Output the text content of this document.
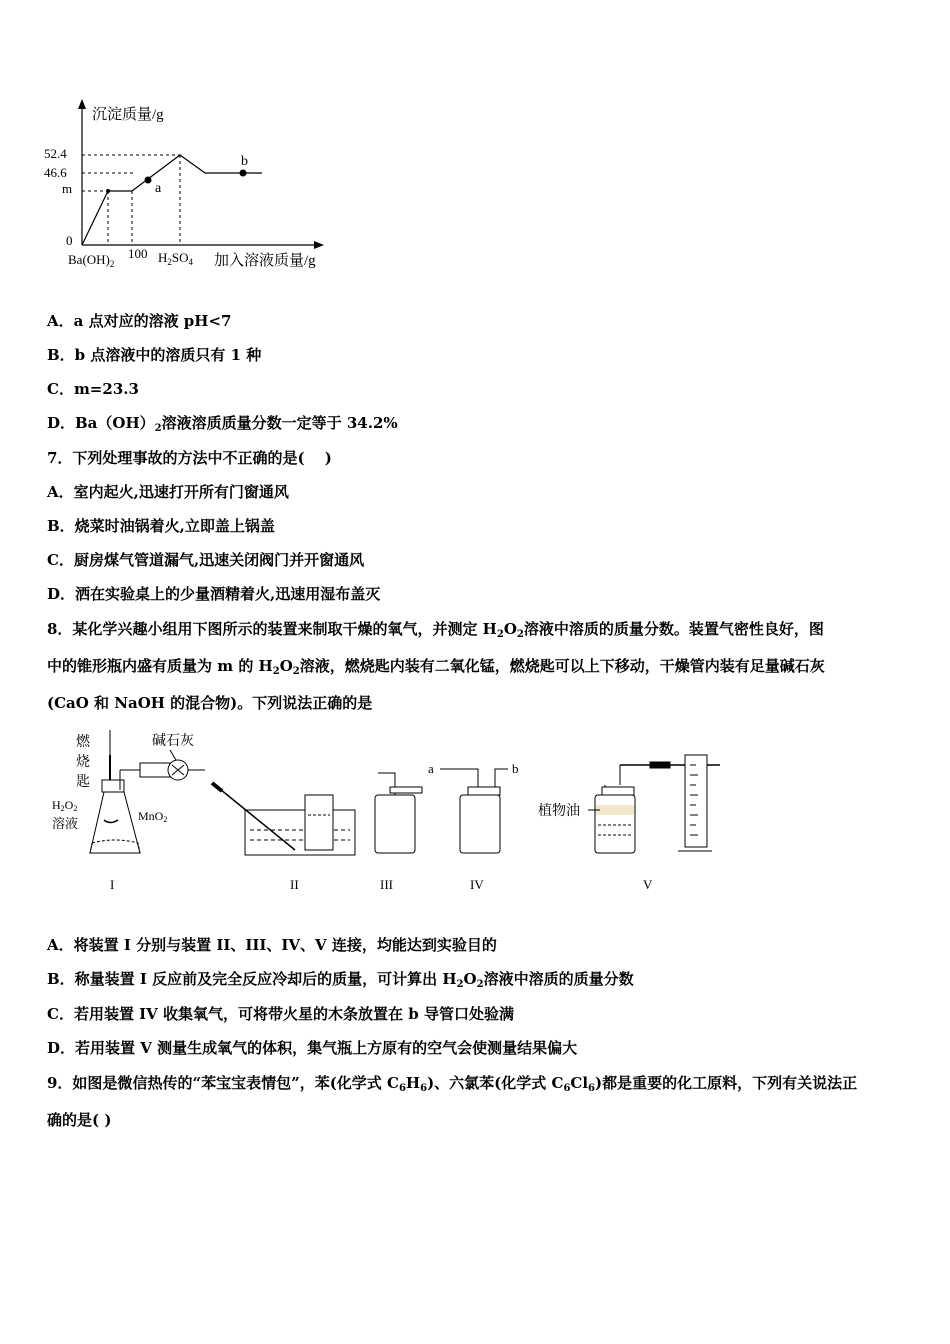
沉淀质量/g
52.4
46.6
m
0
a
b
$Ba(OH)_2$
100 $H_2SO_4$ 加入溶液质量/g
A．a 点对应的溶液 pH<7
B．b 点溶液中的溶质只有 1 种
C．m=23.3
D．$Ba(OH)_2$溶液溶质质量分数一定等于 34.2%
7．下列处理事故的方法中不正确的是(　 )
A．室内起火,迅速打开所有门窗通风
B．烧菜时油锅着火,立即盖上锅盖
C．厨房煤气管道漏气,迅速关闭阀门并开窗通风
D．洒在实验桌上的少量酒精着火,迅速用湿布盖灭
8．某化学兴趣小组用下图所示的装置来制取干燥的氧气，并测定 $H_2O_2$溶液中溶质的质量分数。装置气密性良好，图
中的锥形瓶内盛有质量为 m 的 $H_2O_2$溶液，燃烧匙内装有二氧化锰，燃烧匙可以上下移动，干燥管内装有足量碱石灰
(CaO 和 NaOH 的混合物)。下列说法正确的是
燃
烧
匙
碱石灰
H2O2
溶液	MnO2
a	b
植物油
I	II	III	IV	V
A．将装置 I 分别与装置 II、III、IV、V 连接，均能达到实验目的
B．称量装置 I 反应前及完全反应冷却后的质量，可计算出 $H_2O_2$溶液中溶质的质量分数
C．若用装置 IV 收集氧气，可将带火星的木条放置在 b 导管口处验满
D．若用装置 V 测量生成氧气的体积，集气瓶上方原有的空气会使测量结果偏大
9．如图是微信热传的“苯宝宝表情包”，苯(化学式 $C_6H_6$)、六氯苯(化学式 $C_6Cl_6$)都是重要的化工原料，下列有关说法正
确的是( )
